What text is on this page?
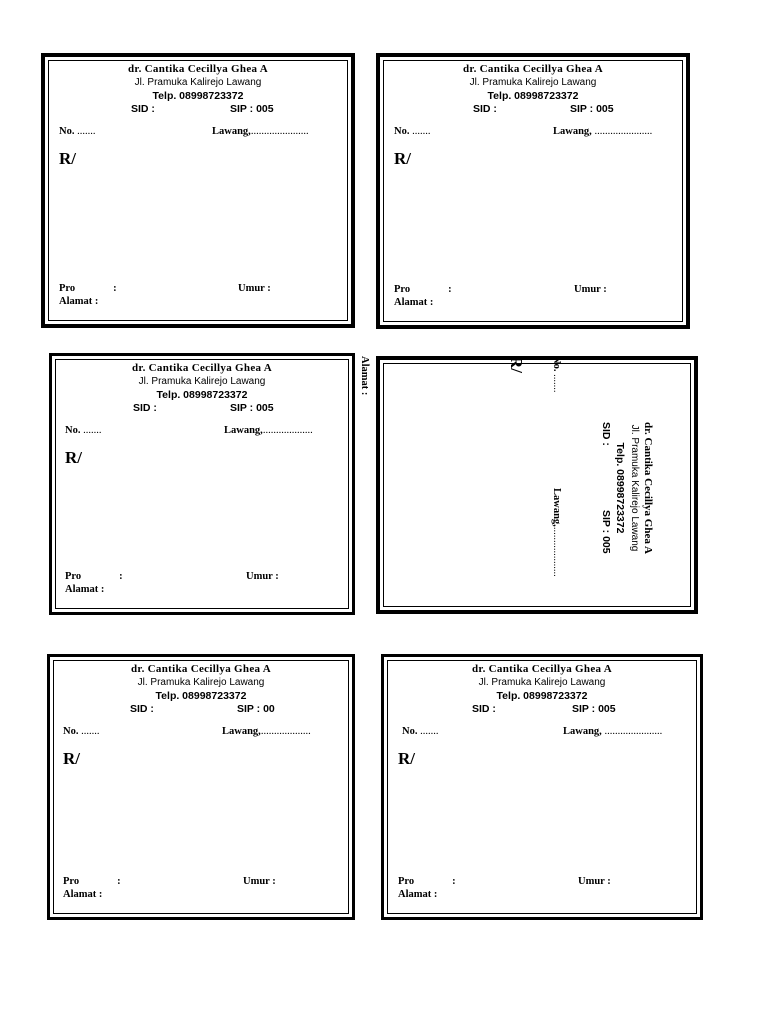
dr. Cantika Cecillya Ghea A
Jl. Pramuka Kalirejo Lawang
Telp. 08998723372
SID :	SIP : 005
No. .......	Lawang,......................
R/
Pro	:	Umur :
Alamat :
dr. Cantika Cecillya Ghea A
Jl. Pramuka Kalirejo Lawang
Telp. 08998723372
SID :	SIP : 005
No. .......	Lawang, ......................
R/
Pro	:	Umur :
Alamat :
dr. Cantika Cecillya Ghea A
Jl. Pramuka Kalirejo Lawang
Telp. 08998723372
SID :	SIP : 005
No. .......	Lawang,...................
R/
Pro	:	Umur :
Alamat :
dr. Cantika Cecillya Ghea A
Jl. Pramuka Kalirejo Lawang
Telp. 08998723372
SID :
SIP : 005
No. .......
Lawang,...................
R/
Alamat :
dr. Cantika Cecillya Ghea A
Jl. Pramuka Kalirejo Lawang
Telp. 08998723372
SID :	SIP : 00
No. .......	Lawang,...................
R/
Pro	:	Umur :
Alamat :
dr. Cantika Cecillya Ghea A
Jl. Pramuka Kalirejo Lawang
Telp. 08998723372
SID :	SIP : 005
No. .......	Lawang, ......................
R/
Pro	:	Umur :
Alamat :
